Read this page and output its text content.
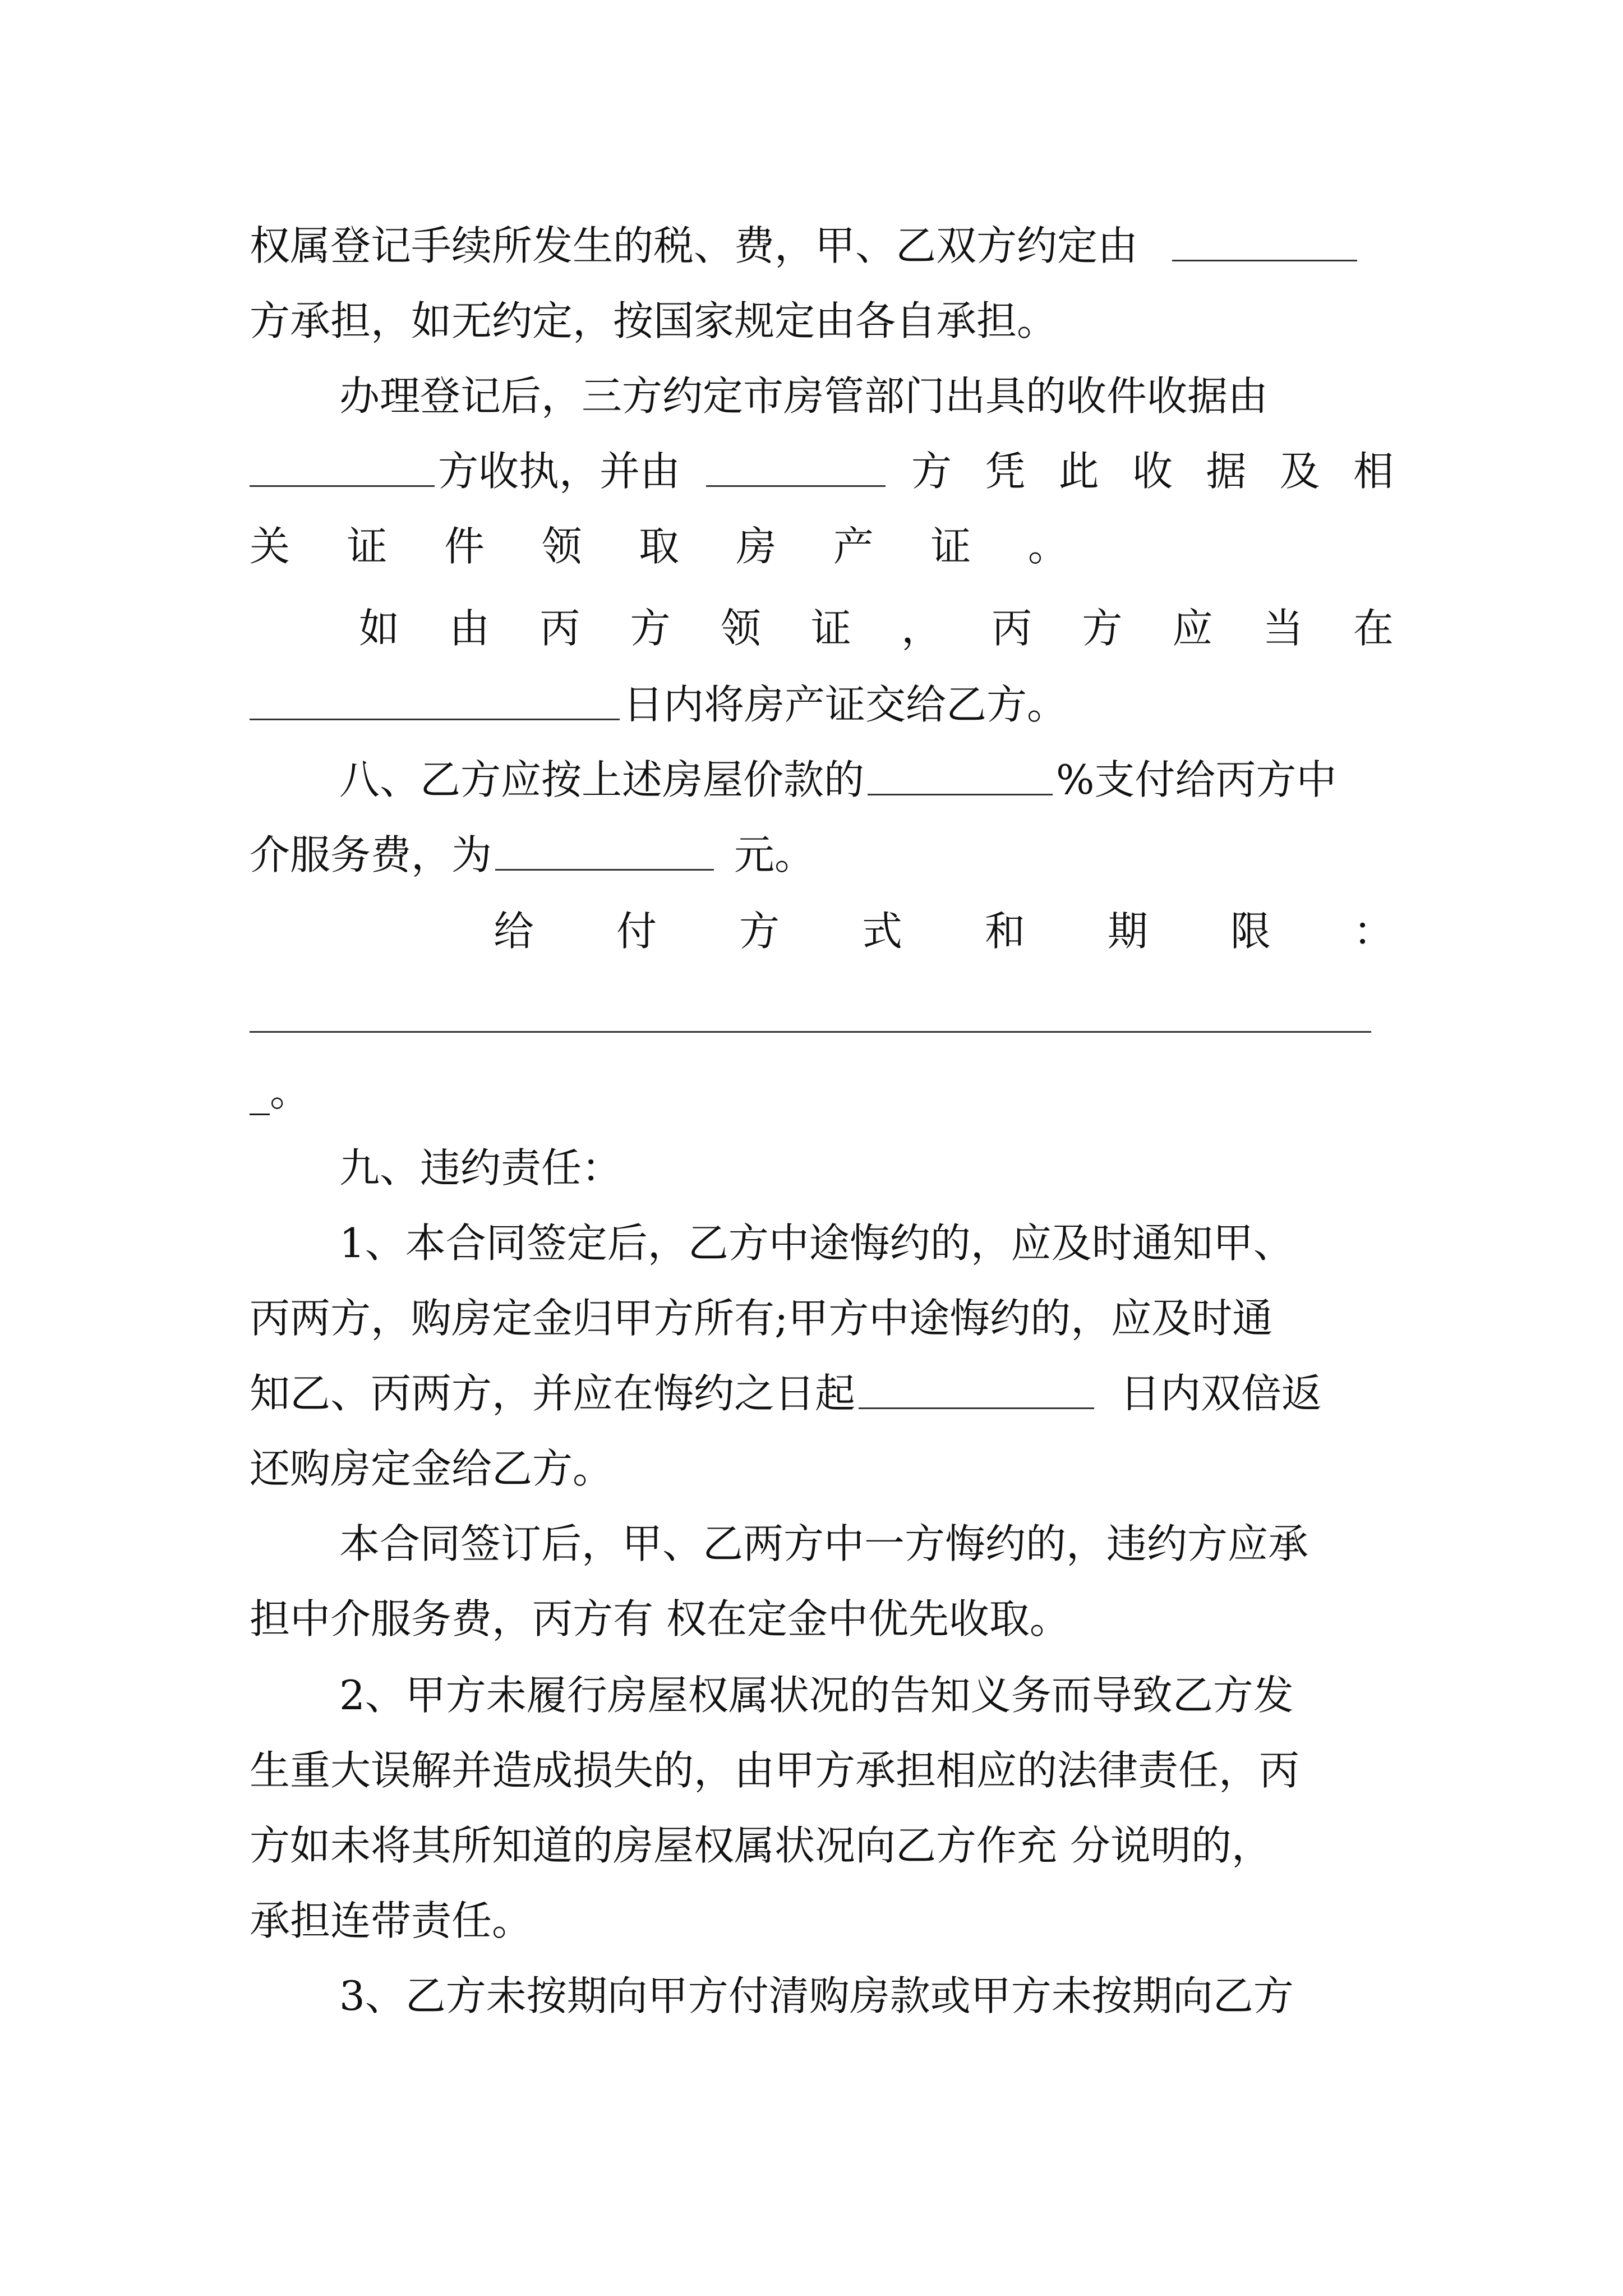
权属登记手续所发生的税、费，甲、乙双方约定由
方承担，如无约定，按国家规定由各自承担。
办理登记后，三方约定市房管部门出具的收件收据由
方收执，并由	方 凭 此 收 据 及 相
关 证 件 领 取 房 产 证 。
如 由 丙 方 领 证 ， 丙 方 应 当 在
日内将房产证交给乙方。
八、乙方应按上述房屋价款的	%支付给丙方中
介服务费，为	元。
给 付 方 式 和 期 限 ：
_。
九、违约责任：
1、本合同签定后，乙方中途悔约的，应及时通知甲、
丙两方，购房定金归甲方所有;甲方中途悔约的，应及时通
知乙、丙两方，并应在悔约之日起	日内双倍返
还购房定金给乙方。
本合同签订后，甲、乙两方中一方悔约的，违约方应承
担中介服务费，丙方有 权在定金中优先收取。
2、甲方未履行房屋权属状况的告知义务而导致乙方发
生重大误解并造成损失的，由甲方承担相应的法律责任，丙
方如未将其所知道的房屋权属状况向乙方作充 分说明的，
承担连带责任。
3、乙方未按期向甲方付清购房款或甲方未按期向乙方
